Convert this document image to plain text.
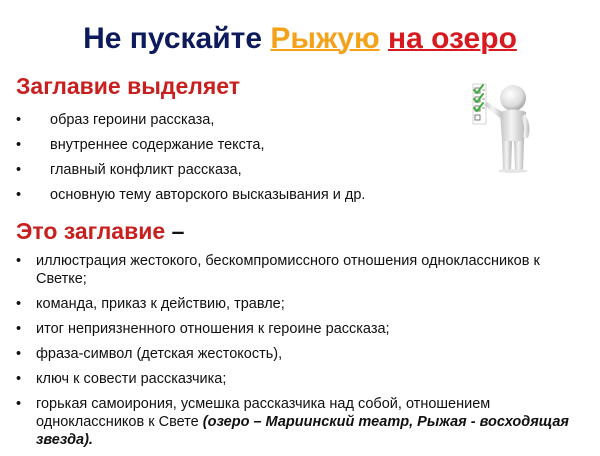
Не пускайте Рыжую на озеро
Заглавие выделяет
• образ героини рассказа,
• внутреннее содержание текста,
• главный конфликт рассказа,
• основную тему авторского высказывания и др.
Это заглавие –
• иллюстрация жестокого, бескомпромиссного отношения одноклассников к Светке;
• команда, приказ к действию, травле;
• итог неприязненного отношения к героине рассказа;
• фраза-символ (детская жестокость),
• ключ к совести рассказчика;
• горькая самоирония, усмешка рассказчика над собой, отношением одноклассников к Свете (озеро – Мариинский театр, Рыжая - восходящая звезда).
